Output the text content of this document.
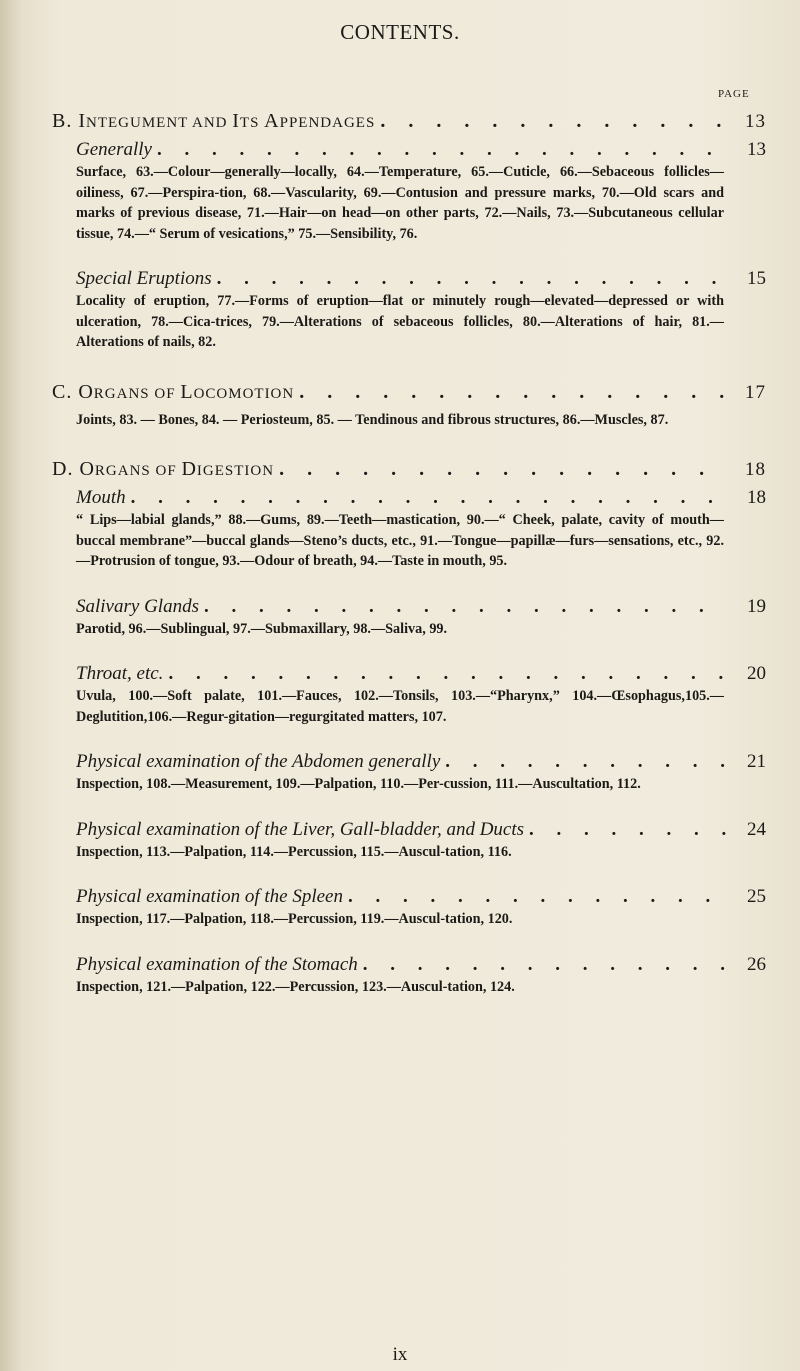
CONTENTS.
PAGE
B. INTEGUMENT AND ITS APPENDAGES . . .	13
Generally . . .	13
Surface, 63.—Colour—generally—locally, 64.—Temperature, 65.—Cuticle, 66.—Sebaceous follicles—oiliness, 67.—Perspira-tion, 68.—Vascularity, 69.—Contusion and pressure marks, 70.—Old scars and marks of previous disease, 71.—Hair—on head—on other parts, 72.—Nails, 73.—Subcutaneous cellular tissue, 74.—“ Serum of vesications,” 75.—Sensibility, 76.
Special Eruptions . . .	15
Locality of eruption, 77.—Forms of eruption—flat or minutely rough—elevated—depressed or with ulceration, 78.—Cica-trices, 79.—Alterations of sebaceous follicles, 80.—Alterations of hair, 81.—Alterations of nails, 82.
C. ORGANS OF LOCOMOTION . . .	17
Joints, 83. — Bones, 84. — Periosteum, 85. — Tendinous and fibrous structures, 86.—Muscles, 87.
D. ORGANS OF DIGESTION . . .	18
Mouth . . .	18
“ Lips—labial glands,” 88.—Gums, 89.—Teeth—mastication, 90.—“ Cheek, palate, cavity of mouth—buccal membrane”—buccal glands—Steno’s ducts, etc., 91.—Tongue—papillæ—furs—sensations, etc., 92.—Protrusion of tongue, 93.—Odour of breath, 94.—Taste in mouth, 95.
Salivary Glands . . .	19
Parotid, 96.—Sublingual, 97.—Submaxillary, 98.—Saliva, 99.
Throat, etc. . . .	20
Uvula, 100.—Soft palate, 101.—Fauces, 102.—Tonsils, 103.—“Pharynx,” 104.—Œsophagus,105.—Deglutition,106.—Regur-gitation—regurgitated matters, 107.
Physical examination of the Abdomen generally . . .	21
Inspection, 108.—Measurement, 109.—Palpation, 110.—Per-cussion, 111.—Auscultation, 112.
Physical examination of the Liver, Gall-bladder, and Ducts . . .	24
Inspection, 113.—Palpation, 114.—Percussion, 115.—Auscul-tation, 116.
Physical examination of the Spleen . . .	25
Inspection, 117.—Palpation, 118.—Percussion, 119.—Auscul-tation, 120.
Physical examination of the Stomach . . .	26
Inspection, 121.—Palpation, 122.—Percussion, 123.—Auscul-tation, 124.
ix
